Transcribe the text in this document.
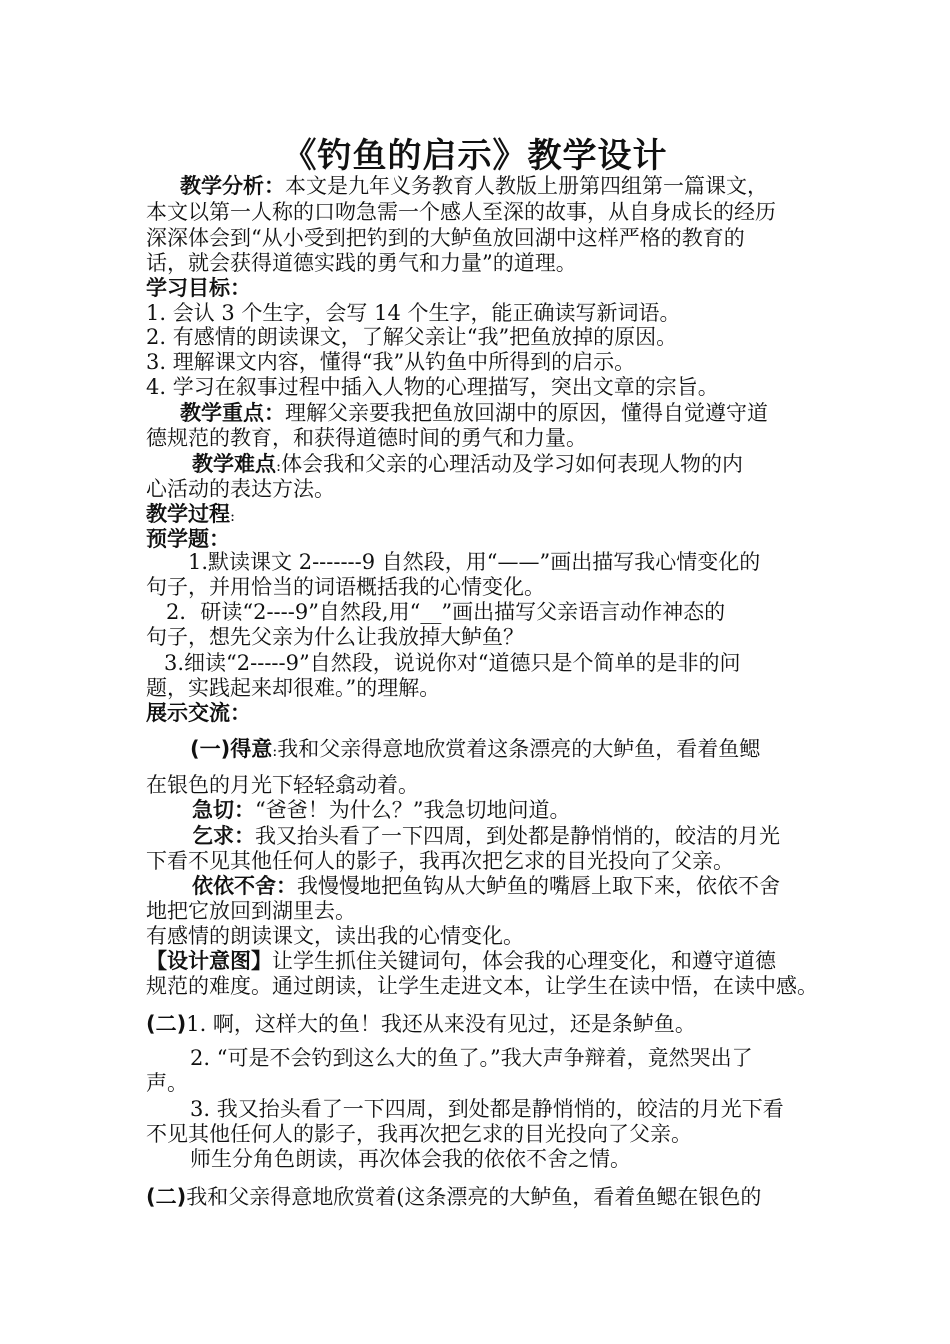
《钓鱼的启示》教学设计
教学分析：本文是九年义务教育人教版上册第四组第一篇课文，
本文以第一人称的口吻急需一个感人至深的故事，从自身成长的经历
深深体会到“从小受到把钓到的大鲈鱼放回湖中这样严格的教育的
话，就会获得道德实践的勇气和力量”的道理。
学习目标：
1. 会认 3 个生字，会写 14 个生字，能正确读写新词语。
2. 有感情的朗读课文，了解父亲让“我”把鱼放掉的原因。
3. 理解课文内容，懂得“我”从钓鱼中所得到的启示。
4. 学习在叙事过程中插入人物的心理描写，突出文章的宗旨。
教学重点：理解父亲要我把鱼放回湖中的原因，懂得自觉遵守道
德规范的教育，和获得道德时间的勇气和力量。
教学难点:体会我和父亲的心理活动及学习如何表现人物的内
心活动的表达方法。
教学过程:
预学题：
1.默读课文 2-------9 自然段，用“——”画出描写我心情变化的
句子，并用恰当的词语概括我的心情变化。
2．研读“2----9”自然段,用“__”画出描写父亲语言动作神态的
句子，想先父亲为什么让我放掉大鲈鱼？
3.细读“2-----9”自然段，说说你对“道德只是个简单的是非的问
题，实践起来却很难。”的理解。
展示交流：
(一)得意:我和父亲得意地欣赏着这条漂亮的大鲈鱼，看着鱼鳃
在银色的月光下轻轻翕动着。
急切：“爸爸！为什么？”我急切地问道。
乞求：我又抬头看了一下四周，到处都是静悄悄的，皎洁的月光
下看不见其他任何人的影子，我再次把乞求的目光投向了父亲。
依依不舍：我慢慢地把鱼钩从大鲈鱼的嘴唇上取下来，依依不舍
地把它放回到湖里去。
有感情的朗读课文，读出我的心情变化。
【设计意图】让学生抓住关键词句，体会我的心理变化，和遵守道德
规范的难度。通过朗读，让学生走进文本，让学生在读中悟，在读中感。
(二)1. 啊，这样大的鱼！我还从来没有见过，还是条鲈鱼。
2. “可是不会钓到这么大的鱼了。”我大声争辩着，竟然哭出了
声。
3. 我又抬头看了一下四周，到处都是静悄悄的，皎洁的月光下看
不见其他任何人的影子，我再次把乞求的目光投向了父亲。
师生分角色朗读，再次体会我的依依不舍之情。
(二)我和父亲得意地欣赏着(这条漂亮的大鲈鱼，看着鱼鳃在银色的
